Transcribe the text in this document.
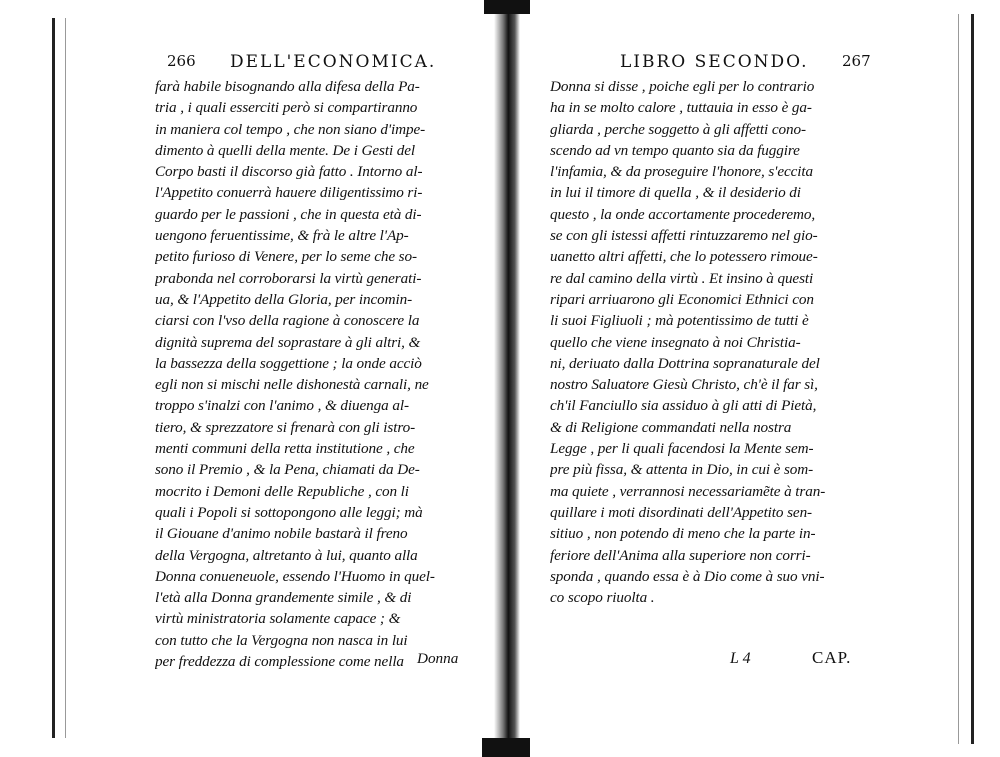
266 DELL'ECONOMICA.
farà habile bisognando alla difesa della Pa-
tria , i quali esserciti però si compartiranno
in maniera col tempo , che non siano d'impe-
dimento à quelli della mente. De i Gesti del
Corpo basti il discorso già fatto . Intorno al-
l'Appetito conuerrà hauere diligentissimo ri-
guardo per le passioni , che in questa età di-
uengono feruentissime, & frà le altre l'Ap-
petito furioso di Venere, per lo seme che so-
prabonda nel corroborarsi la virtù generati-
ua, & l'Appetito della Gloria, per incomin-
ciarsi con l'vso della ragione à conoscere la
dignità suprema del soprastare à gli altri, &
la bassezza della soggettione ; la onde acciò
egli non si mischi nelle dishonestà carnali, ne
troppo s'inalzi con l'animo , & diuenga al-
tiero, & sprezzatore si frenarà con gli istro-
menti communi della retta institutione , che
sono il Premio , & la Pena, chiamati da De-
mocrito i Demoni delle Republiche , con li
quali i Popoli si sottopongono alle leggi; mà
il Giouane d'animo nobile bastarà il freno
della Vergogna, altretanto à lui, quanto alla
Donna conueneuole, essendo l'Huomo in quel-
l'età alla Donna grandemente simile , & di
virtù ministratoria solamente capace ; &
con tutto che la Vergogna non nasca in lui
per freddezza di complessione come nella Donna
LIBRO SECONDO. 267
Donna si disse , poiche egli per lo contrario
ha in se molto calore , tuttauia in esso è ga-
gliarda , perche soggetto à gli affetti cono-
scendo ad vn tempo quanto sia da fuggire
l'infamia, & da proseguire l'honore, s'eccita
in lui il timore di quella , & il desiderio di
questo , la onde accortamente procederemo,
se con gli istessi affetti rintuzzaremo nel gio-
uanetto altri affetti, che lo potessero rimoue-
re dal camino della virtù . Et insino à questi
ripari arriuarono gli Economici Ethnici con
li suoi Figliuoli ; mà potentissimo de tutti è
quello che viene insegnato à noi Christia-
ni, deriuato dalla Dottrina sopranaturale del
nostro Saluatore Giesù Christo, ch'è il far sì,
ch'il Fanciullo sia assiduo à gli atti di Pietà,
& di Religione commandati nella nostra
Legge , per li quali facendosi la Mente sem-
pre più fissa, & attenta in Dio, in cui è som-
ma quiete , verrannosi necessariamẽte à tran-
quillare i moti disordinati dell'Appetito sen-
sitiuo , non potendo di meno che la parte in-
feriore dell'Anima alla superiore non corri-
sponda , quando essa è à Dio come à suo vni-
co scopo riuolta .
L 4	CAP.
